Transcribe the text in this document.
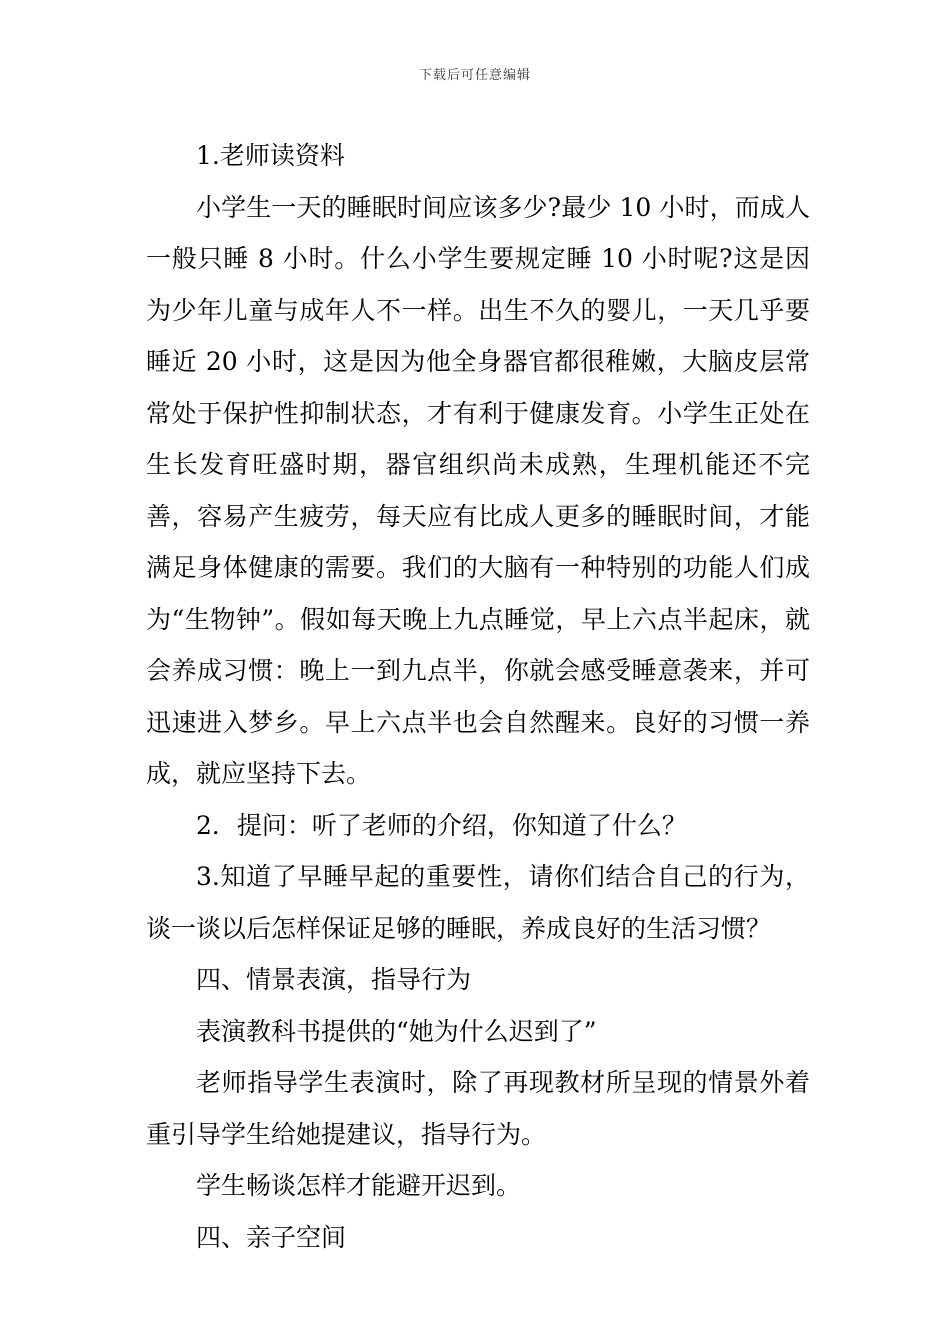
下载后可任意编辑

1.老师读资料

小学生一天的睡眠时间应该多少?最少 10 小时，而成人一般只睡 8 小时。什么小学生要规定睡 10 小时呢?这是因为少年儿童与成年人不一样。出生不久的婴儿，一天几乎要睡近 20 小时，这是因为他全身器官都很稚嫩，大脑皮层常常处于保护性抑制状态，才有利于健康发育。小学生正处在生长发育旺盛时期，器官组织尚未成熟，生理机能还不完善，容易产生疲劳，每天应有比成人更多的睡眠时间，才能满足身体健康的需要。我们的大脑有一种特别的功能人们成为“生物钟”。假如每天晚上九点睡觉，早上六点半起床，就会养成习惯：晚上一到九点半，你就会感受睡意袭来，并可迅速进入梦乡。早上六点半也会自然醒来。良好的习惯一养成，就应坚持下去。

2．提问：听了老师的介绍，你知道了什么？

3.知道了早睡早起的重要性，请你们结合自己的行为，谈一谈以后怎样保证足够的睡眠，养成良好的生活习惯？

四、情景表演，指导行为

表演教科书提供的“她为什么迟到了”

老师指导学生表演时，除了再现教材所呈现的情景外着重引导学生给她提建议，指导行为。

学生畅谈怎样才能避开迟到。

四、亲子空间
